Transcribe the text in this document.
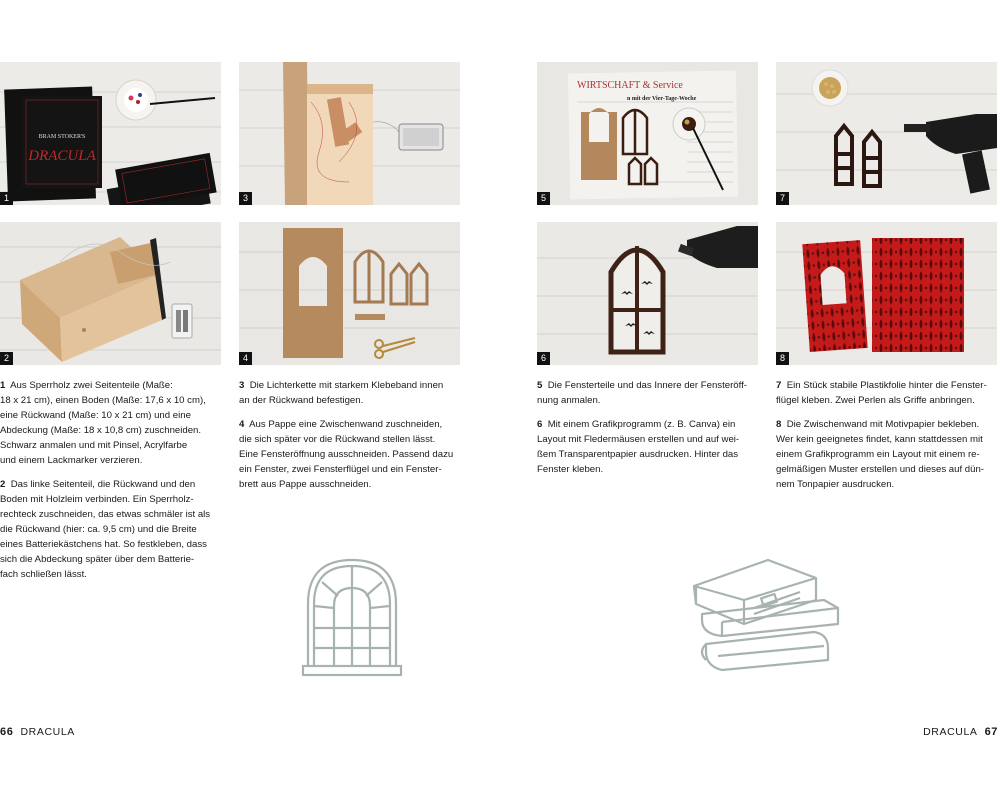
BRAM STOKER'S
DRACULA
1
2
3
4
WIRTSCHAFT & Service
n mit der Vier-Tage-Woche
5
6
7
8

1 Aus Sperrholz zwei Seitenteile (Maße:
18 x 21 cm), einen Boden (Maße: 17,6 x 10 cm),
eine Rückwand (Maße: 10 x 21 cm) und eine
Abdeckung (Maße: 18 x 10,8 cm) zuschneiden.
Schwarz anmalen und mit Pinsel, Acrylfarbe
und einem Lackmarker verzieren.

2 Das linke Seitenteil, die Rückwand und den
Boden mit Holzleim verbinden. Ein Sperrholz-
rechteck zuschneiden, das etwas schmäler ist als
die Rückwand (hier: ca. 9,5 cm) und die Breite
eines Batteriekästchens hat. So festkleben, dass
sich die Abdeckung später über dem Batterie-
fach schließen lässt.

3 Die Lichterkette mit starkem Klebeband innen
an der Rückwand befestigen.

4 Aus Pappe eine Zwischenwand zuschneiden,
die sich später vor die Rückwand stellen lässt.
Eine Fensteröffnung ausschneiden. Passend dazu
ein Fenster, zwei Fensterflügel und ein Fenster-
brett aus Pappe ausschneiden.

5 Die Fensterteile und das Innere der Fensteröff-
nung anmalen.

6 Mit einem Grafikprogramm (z. B. Canva) ein
Layout mit Fledermäusen erstellen und auf wei-
ßem Transparentpapier ausdrucken. Hinter das
Fenster kleben.

7 Ein Stück stabile Plastikfolie hinter die Fenster-
flügel kleben. Zwei Perlen als Griffe anbringen.

8 Die Zwischenwand mit Motivpapier bekleben.
Wer kein geeignetes findet, kann stattdessen mit
einem Grafikprogramm ein Layout mit einem re-
gelmäßigen Muster erstellen und dieses auf dün-
nem Tonpapier ausdrucken.

66 DRACULA	DRACULA 67
